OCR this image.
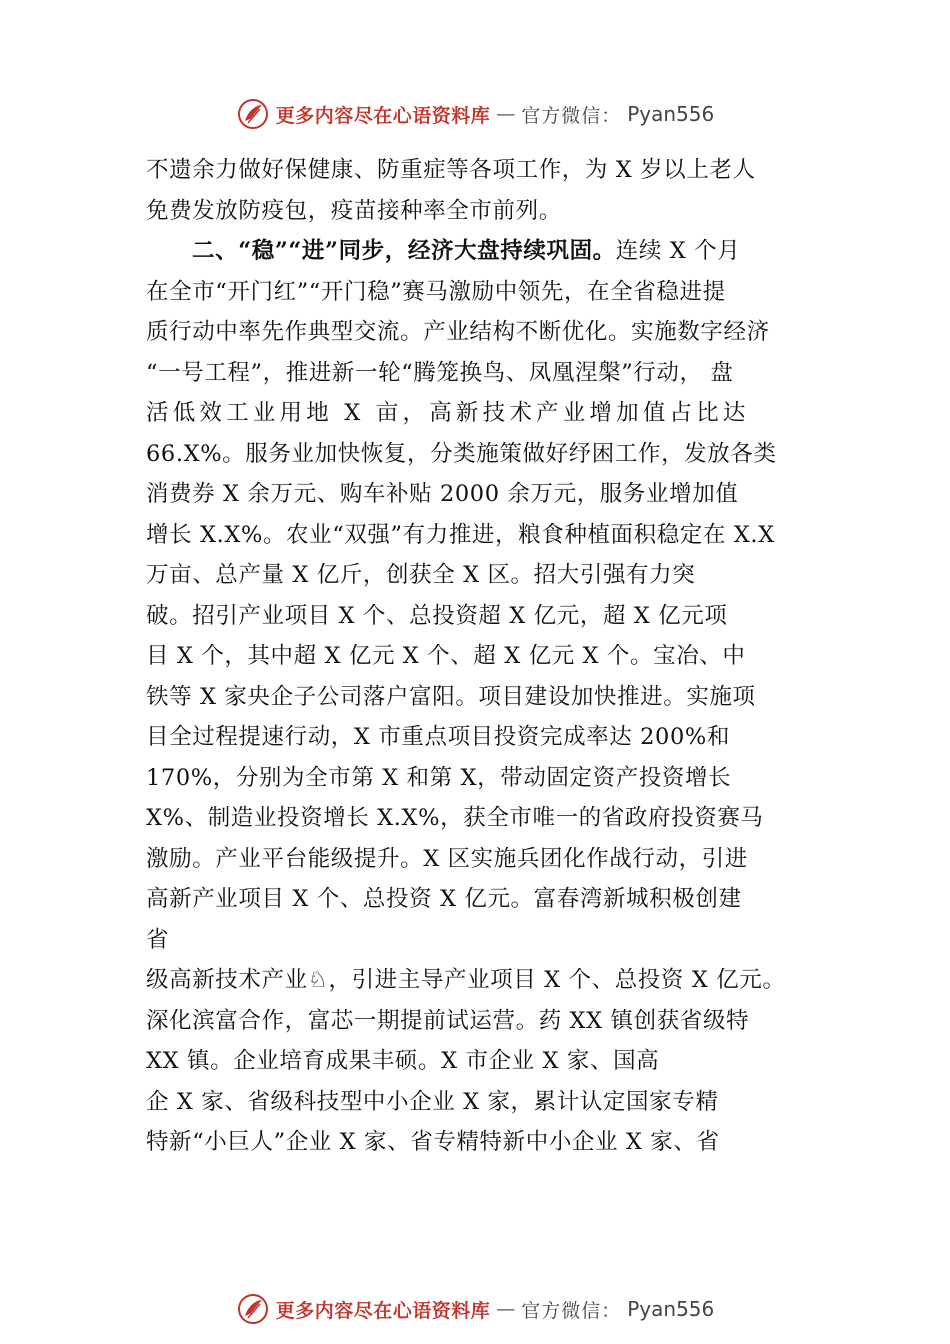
更多内容尽在心语资料库 — 官方微信： Pyan556
不遗余力做好保健康、防重症等各项工作，为 X 岁以上老人
免费发放防疫包，疫苗接种率全市前列。
二、“稳”“进”同步，经济大盘持续巩固。连续 X 个月
在全市“开门红”“开门稳”赛马激励中领先，在全省稳进提
质行动中率先作典型交流。产业结构不断优化。实施数字经济
“一号工程”，推进新一轮“腾笼换鸟、凤凰涅槃”行动， 盘
活低效工业用地 X 亩，高新技术产业增加值占比达
66.X%。服务业加快恢复，分类施策做好纾困工作，发放各类
消费券 X 余万元、购车补贴 2000 余万元，服务业增加值
增长 X.X%。农业“双强”有力推进，粮食种植面积稳定在 X.X
万亩、总产量 X 亿斤，创获全 X 区。招大引强有力突
破。招引产业项目 X 个、总投资超 X 亿元，超 X 亿元项
目 X 个，其中超 X 亿元 X 个、超 X 亿元 X 个。宝冶、中
铁等 X 家央企子公司落户富阳。项目建设加快推进。实施项
目全过程提速行动，X 市重点项目投资完成率达 200%和
170%，分别为全市第 X 和第 X，带动固定资产投资增长
X%、制造业投资增长 X.X%，获全市唯一的省政府投资赛马
激励。产业平台能级提升。X 区实施兵团化作战行动，引进
高新产业项目 X 个、总投资 X 亿元。富春湾新城积极创建
省
级高新技术产业♘，引进主导产业项目 X 个、总投资 X 亿元。
深化滨富合作，富芯一期提前试运营。药 XX 镇创获省级特
XX 镇。企业培育成果丰硕。X 市企业 X 家、国高
企 X 家、省级科技型中小企业 X 家，累计认定国家专精
特新“小巨人”企业 X 家、省专精特新中小企业 X 家、省
更多内容尽在心语资料库 — 官方微信： Pyan556
